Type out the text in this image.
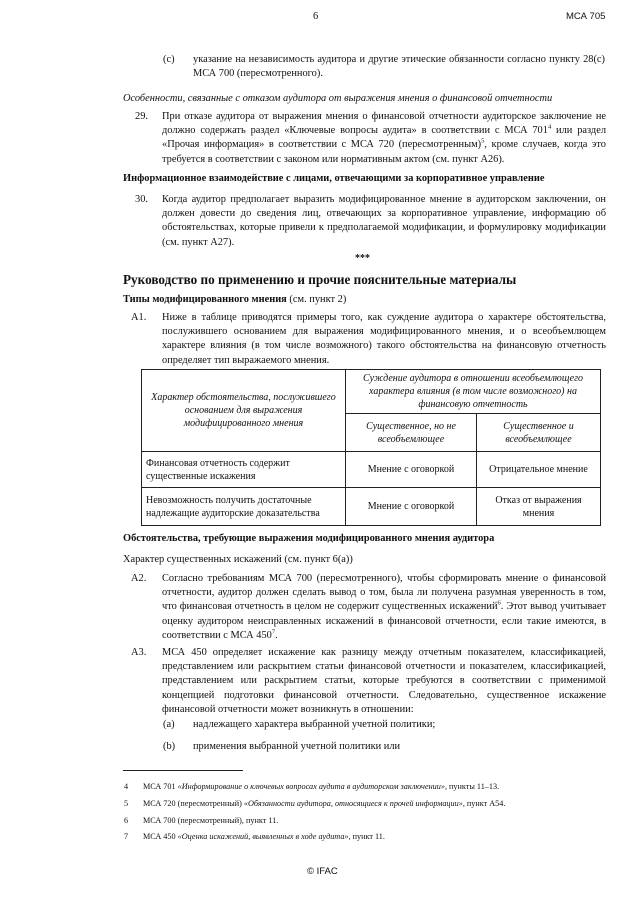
6	МСА 705
(c) указание на независимость аудитора и другие этические обязанности согласно пункту 28(c) МСА 700 (пересмотренного).
Особенности, связанные с отказом аудитора от выражения мнения о финансовой отчетности
29. При отказе аудитора от выражения мнения о финансовой отчетности аудиторское заключение не должно содержать раздел «Ключевые вопросы аудита» в соответствии с МСА $701^4$ или раздел «Прочая информация» в соответствии с МСА 720 (пересмотренным)$^5$, кроме случаев, когда это требуется в соответствии с законом или нормативным актом (см. пункт A26).
Информационное взаимодействие с лицами, отвечающими за корпоративное управление
30. Когда аудитор предполагает выразить модифицированное мнение в аудиторском заключении, он должен довести до сведения лиц, отвечающих за корпоративное управление, информацию об обстоятельствах, которые привели к предполагаемой модификации, и формулировку модификации (см. пункт A27).
***
Руководство по применению и прочие пояснительные материалы
Типы модифицированного мнения (см. пункт 2)
A1. Ниже в таблице приводятся примеры того, как суждение аудитора о характере обстоятельства, послужившего основанием для выражения модифицированного мнения, и о всеобъемлющем характере влияния (в том числе возможного) такого обстоятельства на финансовую отчетность определяет тип выражаемого мнения.
Характер обстоятельства, послужившего основанием для выражения модифицированного мнения	Суждение аудитора в отношении всеобъемлющего характера влияния (в том числе возможного) на финансовую отчетность	
	Существенное, но не всеобъемлющее	Существенное и всеобъемлющее
Финансовая отчетность содержит существенные искажения	Мнение с оговоркой	Отрицательное мнение
Невозможность получить достаточные надлежащие аудиторские доказательства	Мнение с оговоркой	Отказ от выражения мнения
Обстоятельства, требующие выражения модифицированного мнения аудитора
Характер существенных искажений (см. пункт 6(a))
A2. Согласно требованиям МСА 700 (пересмотренного), чтобы сформировать мнение о финансовой отчетности, аудитор должен сделать вывод о том, была ли получена разумная уверенность в том, что финансовая отчетность в целом не содержит существенных искажений$^6$. Этот вывод учитывает оценку аудитором неисправленных искажений в финансовой отчетности, если такие имеются, в соответствии с МСА $450^7$.
A3. МСА 450 определяет искажение как разницу между отчетным показателем, классификацией, представлением или раскрытием статьи финансовой отчетности и показателем, классификацией, представлением или раскрытием статьи, которые требуются в соответствии с применимой концепцией подготовки финансовой отчетности. Следовательно, существенное искажение финансовой отчетности может возникнуть в отношении:
(a) надлежащего характера выбранной учетной политики;
(b) применения выбранной учетной политики или
4 МСА 701 «Информирование о ключевых вопросах аудита в аудиторском заключении», пункты 11–13.
5 МСА 720 (пересмотренный) «Обязанности аудитора, относящиеся к прочей информации», пункт A54.
6 МСА 700 (пересмотренный), пункт 11.
7 МСА 450 «Оценка искажений, выявленных в ходе аудита», пункт 11.
© IFAC
